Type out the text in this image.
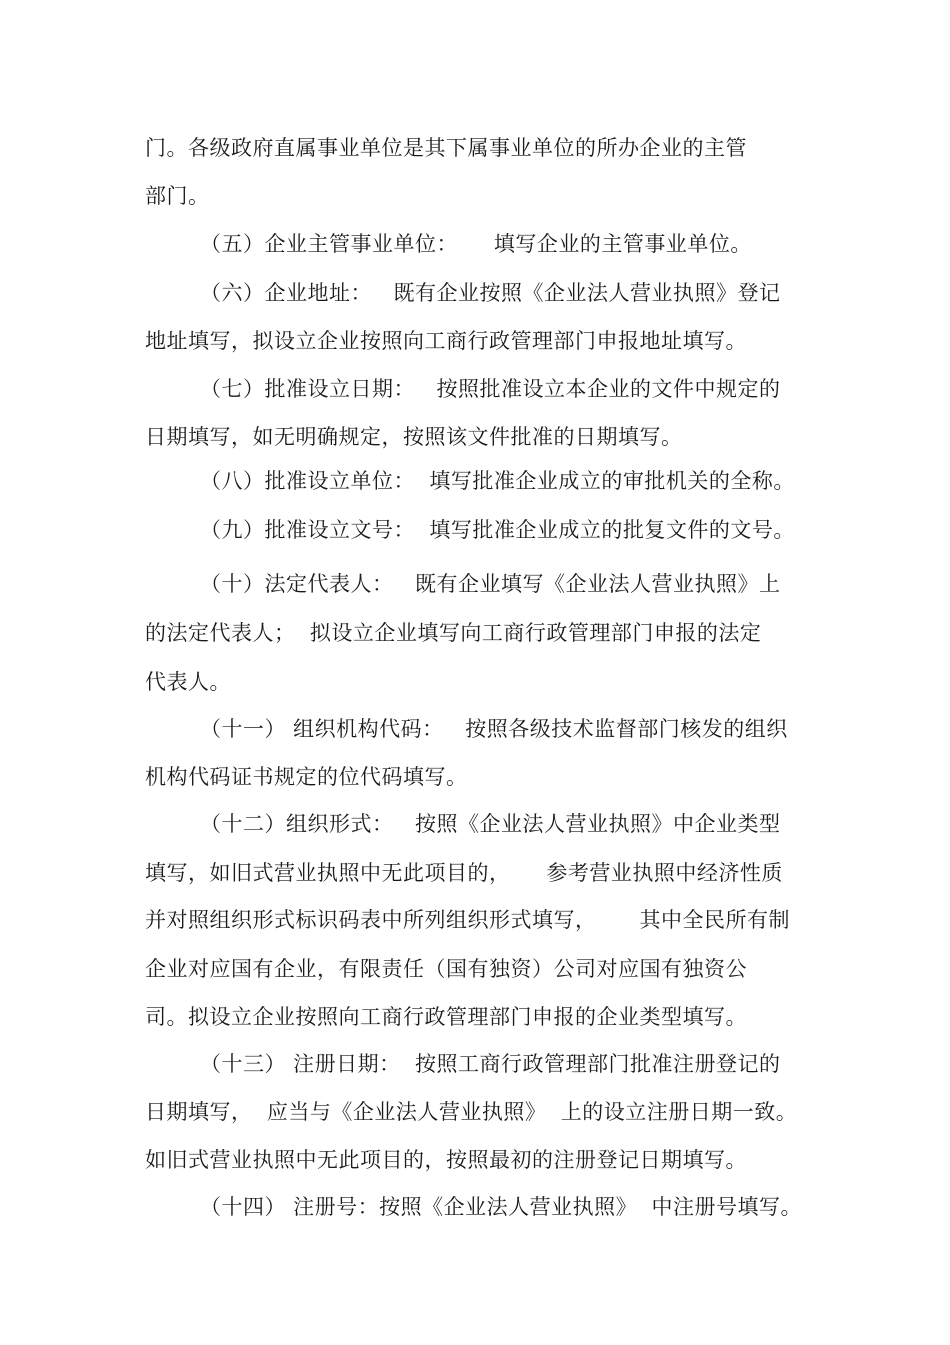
门。各级政府直属事业单位是其下属事业单位的所办企业的主管
部门。
（五）企业主管事业单位：     填写企业的主管事业单位。
（六）企业地址：   既有企业按照《企业法人营业执照》登记
地址填写，拟设立企业按照向工商行政管理部门申报地址填写。
（七）批准设立日期：   按照批准设立本企业的文件中规定的
日期填写，如无明确规定，按照该文件批准的日期填写。
（八）批准设立单位：  填写批准企业成立的审批机关的全称。
（九）批准设立文号：  填写批准企业成立的批复文件的文号。
（十）法定代表人：   既有企业填写《企业法人营业执照》上
的法定代表人；  拟设立企业填写向工商行政管理部门申报的法定
代表人。
（十一） 组织机构代码：   按照各级技术监督部门核发的组织
机构代码证书规定的位代码填写。
（十二）组织形式：   按照《企业法人营业执照》中企业类型
填写，如旧式营业执照中无此项目的，     参考营业执照中经济性质
并对照组织形式标识码表中所列组织形式填写，      其中全民所有制
企业对应国有企业，有限责任（国有独资）公司对应国有独资公
司。拟设立企业按照向工商行政管理部门申报的企业类型填写。
（十三） 注册日期：  按照工商行政管理部门批准注册登记的
日期填写，  应当与《企业法人营业执照》  上的设立注册日期一致。
如旧式营业执照中无此项目的，按照最初的注册登记日期填写。
（十四） 注册号：按照《企业法人营业执照》  中注册号填写。
